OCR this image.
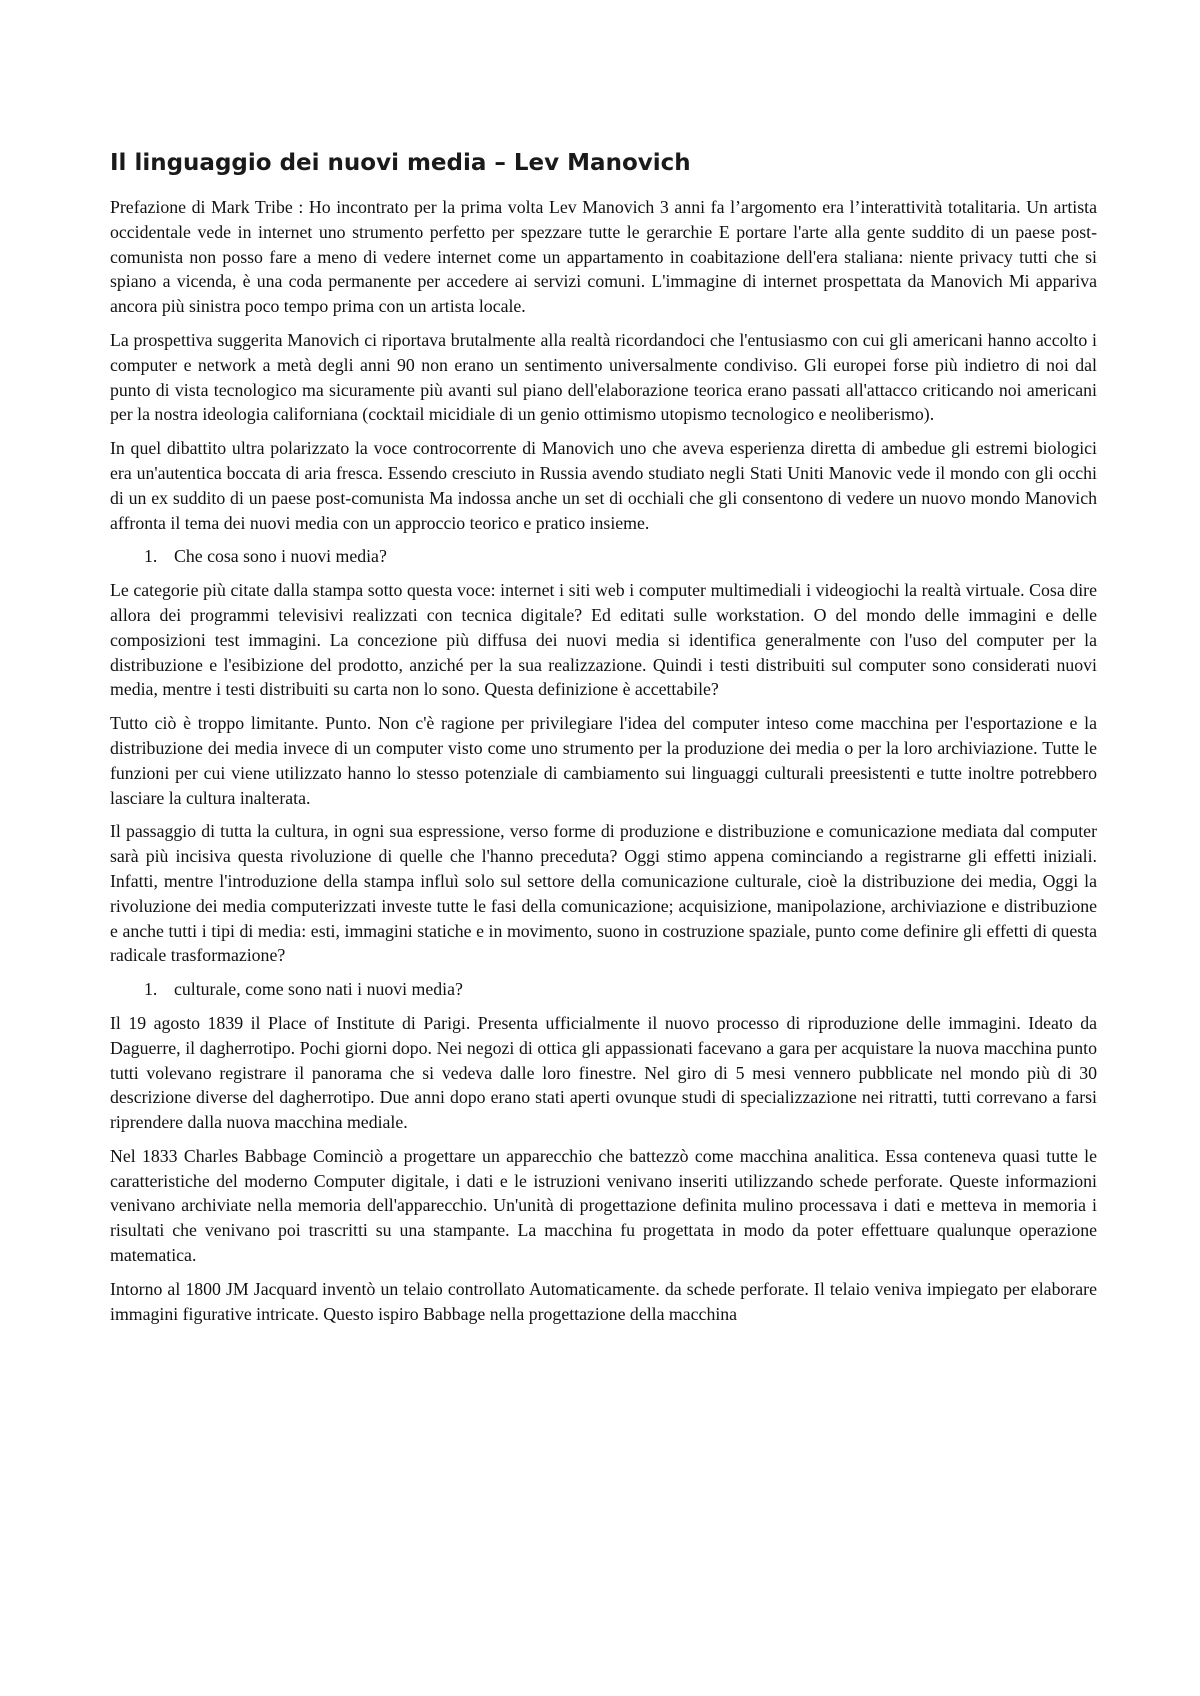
Il linguaggio dei nuovi media – Lev Manovich

Prefazione di Mark Tribe : Ho incontrato per la prima volta Lev Manovich 3 anni fa l’argomento era l’interattività totalitaria. Un artista occidentale vede in internet uno strumento perfetto per spezzare tutte le gerarchie E portare l'arte alla gente suddito di un paese post-comunista non posso fare a meno di vedere internet come un appartamento in coabitazione dell'era staliana: niente privacy tutti che si spiano a vicenda, è una coda permanente per accedere ai servizi comuni. L'immagine di internet prospettata da Manovich Mi appariva ancora più sinistra poco tempo prima con un artista locale.

La prospettiva suggerita Manovich ci riportava brutalmente alla realtà ricordandoci che l'entusiasmo con cui gli americani hanno accolto i computer e network a metà degli anni 90 non erano un sentimento universalmente condiviso. Gli europei forse più indietro di noi dal punto di vista tecnologico ma sicuramente più avanti sul piano dell'elaborazione teorica erano passati all'attacco criticando noi americani per la nostra ideologia californiana (cocktail micidiale di un genio ottimismo utopismo tecnologico e neoliberismo).

In quel dibattito ultra polarizzato la voce controcorrente di Manovich uno che aveva esperienza diretta di ambedue gli estremi biologici era un'autentica boccata di aria fresca. Essendo cresciuto in Russia avendo studiato negli Stati Uniti Manovic vede il mondo con gli occhi di un ex suddito di un paese post-comunista Ma indossa anche un set di occhiali che gli consentono di vedere un nuovo mondo Manovich affronta il tema dei nuovi media con un approccio teorico e pratico insieme.

1. Che cosa sono i nuovi media?

Le categorie più citate dalla stampa sotto questa voce: internet i siti web i computer multimediali i videogiochi la realtà virtuale. Cosa dire allora dei programmi televisivi realizzati con tecnica digitale? Ed editati sulle workstation. O del mondo delle immagini e delle composizioni test immagini. La concezione più diffusa dei nuovi media si identifica generalmente con l'uso del computer per la distribuzione e l'esibizione del prodotto, anziché per la sua realizzazione. Quindi i testi distribuiti sul computer sono considerati nuovi media, mentre i testi distribuiti su carta non lo sono. Questa definizione è accettabile?

Tutto ciò è troppo limitante. Punto. Non c'è ragione per privilegiare l'idea del computer inteso come macchina per l'esportazione e la distribuzione dei media invece di un computer visto come uno strumento per la produzione dei media o per la loro archiviazione. Tutte le funzioni per cui viene utilizzato hanno lo stesso potenziale di cambiamento sui linguaggi culturali preesistenti e tutte inoltre potrebbero lasciare la cultura inalterata.

Il passaggio di tutta la cultura, in ogni sua espressione, verso forme di produzione e distribuzione e comunicazione mediata dal computer sarà più incisiva questa rivoluzione di quelle che l'hanno preceduta? Oggi stimo appena cominciando a registrarne gli effetti iniziali. Infatti, mentre l'introduzione della stampa influì solo sul settore della comunicazione culturale, cioè la distribuzione dei media, Oggi la rivoluzione dei media computerizzati investe tutte le fasi della comunicazione; acquisizione, manipolazione, archiviazione e distribuzione e anche tutti i tipi di media: esti, immagini statiche e in movimento, suono in costruzione spaziale, punto come definire gli effetti di questa radicale trasformazione?

1. culturale, come sono nati i nuovi media?

Il 19 agosto 1839 il Place of Institute di Parigi. Presenta ufficialmente il nuovo processo di riproduzione delle immagini. Ideato da Daguerre, il dagherrotipo. Pochi giorni dopo. Nei negozi di ottica gli appassionati facevano a gara per acquistare la nuova macchina punto tutti volevano registrare il panorama che si vedeva dalle loro finestre. Nel giro di 5 mesi vennero pubblicate nel mondo più di 30 descrizione diverse del dagherrotipo. Due anni dopo erano stati aperti ovunque studi di specializzazione nei ritratti, tutti correvano a farsi riprendere dalla nuova macchina mediale.

Nel 1833 Charles Babbage Cominciò a progettare un apparecchio che battezzò come macchina analitica. Essa conteneva quasi tutte le caratteristiche del moderno Computer digitale, i dati e le istruzioni venivano inseriti utilizzando schede perforate. Queste informazioni venivano archiviate nella memoria dell'apparecchio. Un'unità di progettazione definita mulino processava i dati e metteva in memoria i risultati che venivano poi trascritti su una stampante. La macchina fu progettata in modo da poter effettuare qualunque operazione matematica.

Intorno al 1800 JM Jacquard inventò un telaio controllato Automaticamente. da schede perforate. Il telaio veniva impiegato per elaborare immagini figurative intricate. Questo ispiro Babbage nella progettazione della macchina
